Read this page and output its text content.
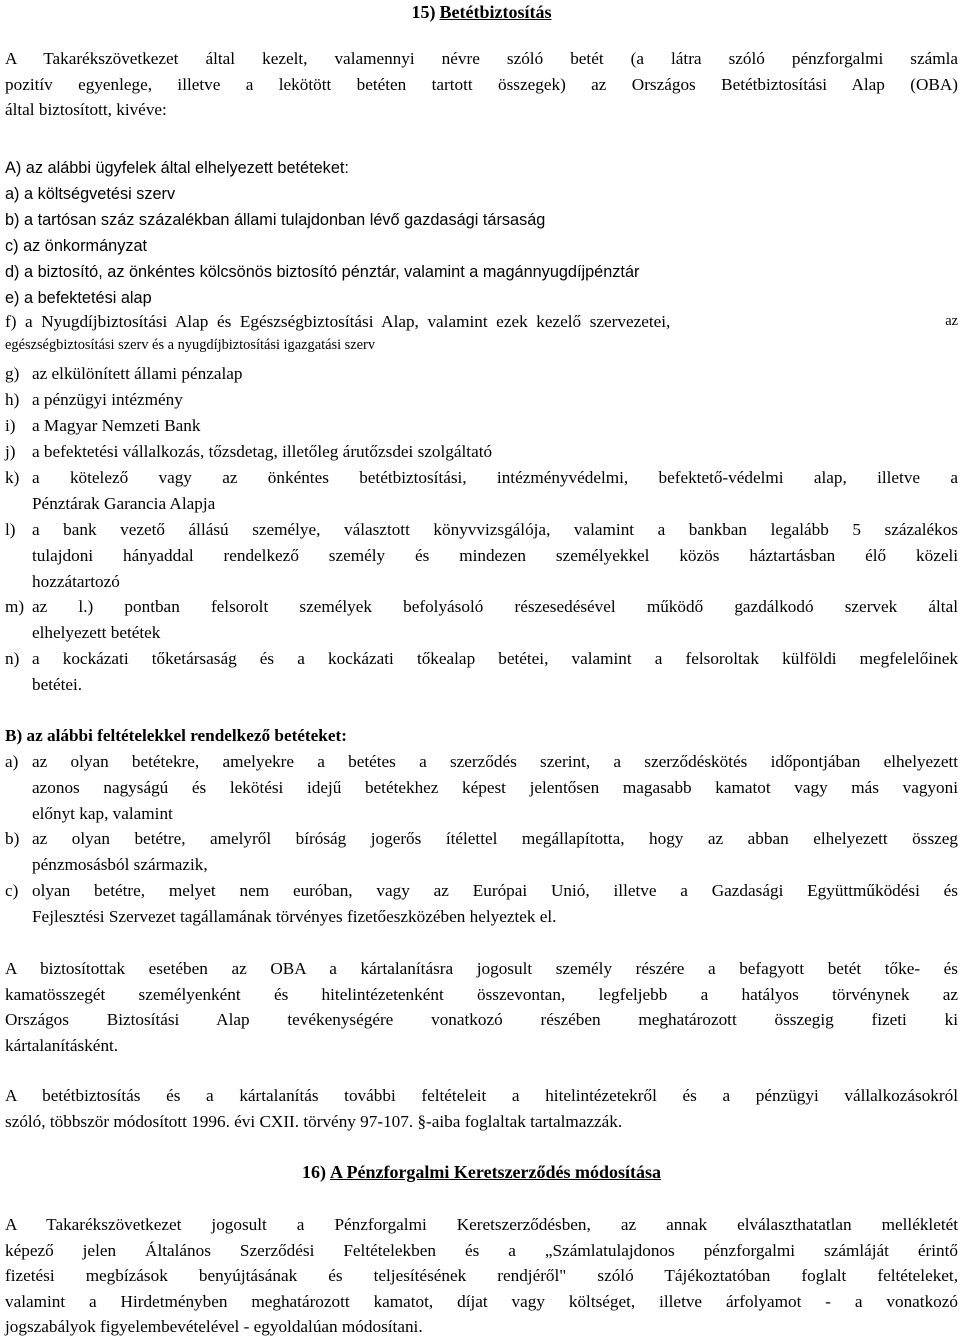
15) Betétbiztosítás
A Takarékszövetkezet által kezelt, valamennyi névre szóló betét (a látra szóló pénzforgalmi számla
pozitív egyenlege, illetve a lekötött betéten tartott összegek) az Országos Betétbiztosítási Alap (OBA)
által biztosított, kivéve:
A) az alábbi ügyfelek által elhelyezett betéteket:
a) a költségvetési szerv
b) a tartósan száz százalékban állami tulajdonban lévő gazdasági társaság
c) az önkormányzat
d) a biztosító, az önkéntes kölcsönös biztosító pénztár, valamint a magánnyugdíjpénztár
e) a befektetési alap
f)  a  Nyugdíjbiztosítási  Alap  és  Egészségbiztosítási  Alap,  valamint  ezek  kezelő  szervezetei,	az
egészségbiztosítási szerv és a nyugdíjbiztosítási igazgatási szerv
g) az elkülönített állami pénzalap
h) a pénzügyi intézmény
i) a Magyar Nemzeti Bank
j) a befektetési vállalkozás, tőzsdetag, illetőleg árutőzsdei szolgáltató
k) a kötelező vagy az önkéntes betétbiztosítási, intézményvédelmi, befektető-védelmi alap, illetve a
Pénztárak Garancia Alapja
l) a bank vezető állású személye, választott könyvvizsgálója, valamint a bankban legalább 5 százalékos
tulajdoni hányaddal rendelkező személy és mindezen személyekkel közös háztartásban élő közeli
hozzátartozó
m) az l.) pontban felsorolt személyek befolyásoló részesedésével működő gazdálkodó szervek által
elhelyezett betétek
n) a kockázati tőketársaság és a kockázati tőkealap betétei, valamint a felsoroltak külföldi megfelelőinek
betétei.
B) az alábbi feltételekkel rendelkező betéteket:
a) az olyan betétekre, amelyekre a betétes a szerződés szerint, a szerződéskötés időpontjában elhelyezett
azonos nagyságú és lekötési idejű betétekhez képest jelentősen magasabb kamatot vagy más vagyoni
előnyt kap, valamint
b) az olyan betétre, amelyről bíróság jogerős ítélettel megállapította, hogy az abban elhelyezett összeg
pénzmosásból származik,
c) olyan betétre, melyet nem euróban, vagy az Európai Unió, illetve a Gazdasági Együttműködési és
Fejlesztési Szervezet tagállamának törvényes fizetőeszközében helyeztek el.
A biztosítottak esetében az OBA a kártalanításra jogosult személy részére a befagyott betét tőke- és
kamatösszegét személyenként és hitelintézetenként összevontan, legfeljebb a hatályos törvénynek az
Országos Biztosítási Alap tevékenységére vonatkozó részében meghatározott összegig fizeti ki
kártalanításként.
A betétbiztosítás és a kártalanítás további feltételeit a hitelintézetekről és a pénzügyi vállalkozásokról
szóló, többször módosított 1996. évi CXII. törvény 97-107. §-aiba foglaltak tartalmazzák.
16) A Pénzforgalmi Keretszerződés módosítása
A Takarékszövetkezet jogosult a Pénzforgalmi Keretszerződésben, az annak elválaszthatatlan mellékletét
képező jelen Általános Szerződési Feltételekben és a „Számlatulajdonos pénzforgalmi számláját érintő
fizetési megbízások benyújtásának és teljesítésének rendjéről" szóló Tájékoztatóban foglalt feltételeket,
valamint a Hirdetményben meghatározott kamatot, díjat vagy költséget, illetve árfolyamot - a vonatkozó
jogszabályok figyelembevételével - egyoldalúan módosítani.
